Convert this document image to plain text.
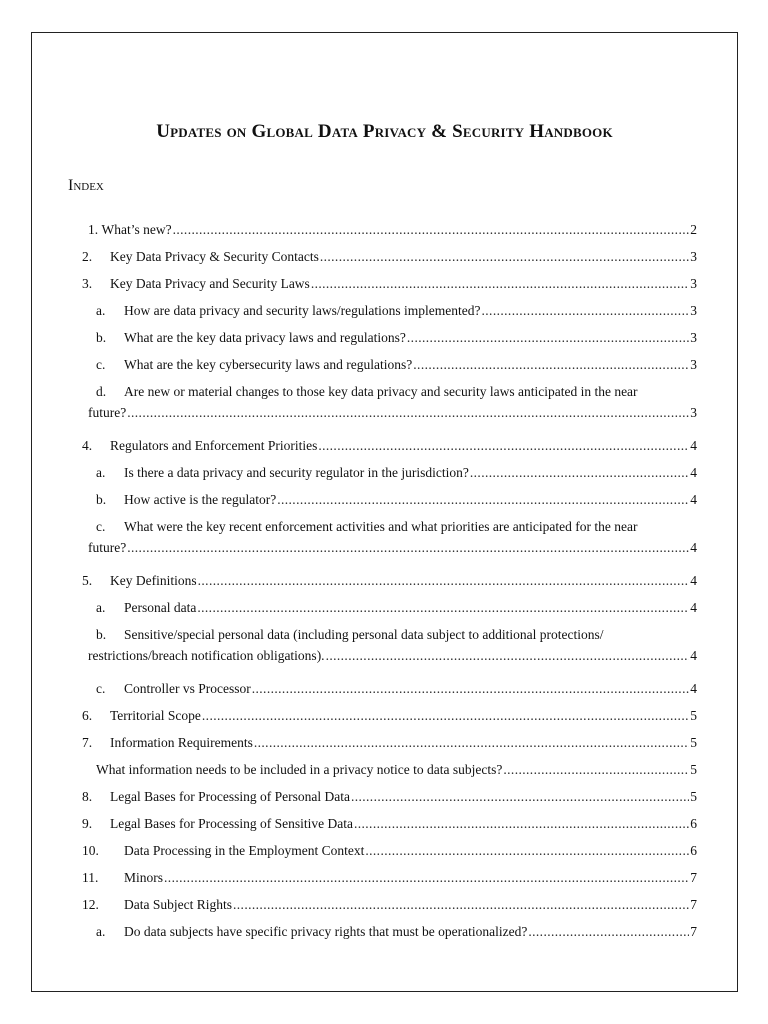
Updates on Global Data Privacy & Security Handbook
Index
1.
What’s new? .....	2
2.	Key Data Privacy & Security Contacts .....	3
3.	Key Data Privacy and Security Laws .....	3
a.	How are data privacy and security laws/regulations implemented? .....	3
b.	What are the key data privacy laws and regulations? .....	3
c.	What are the key cybersecurity laws and regulations? .....	3
d. Are new or material changes to those key data privacy and security laws anticipated in the near
future? .....	3
4.	Regulators and Enforcement Priorities .....	4
a.	Is there a data privacy and security regulator in the jurisdiction? .....	4
b.	How active is the regulator? .....	4
c. What were the key recent enforcement activities and what priorities are anticipated for the near
future? .....	4
5.	Key Definitions .....	4
a.	Personal data .....	4
b. Sensitive/special personal data (including personal data subject to additional protections/
restrictions/breach notification obligations). .....	4
c.	Controller vs Processor .....	4
6.	Territorial Scope .....	5
7.	Information Requirements .....	5
What information needs to be included in a privacy notice to data subjects? .....	5
8.	Legal Bases for Processing of Personal Data .....	5
9.	Legal Bases for Processing of Sensitive Data .....	6
10.	Data Processing in the Employment Context .....	6
11.	Minors .....	7
12.	Data Subject Rights .....	7
a.	Do data subjects have specific privacy rights that must be operationalized? .....	7
